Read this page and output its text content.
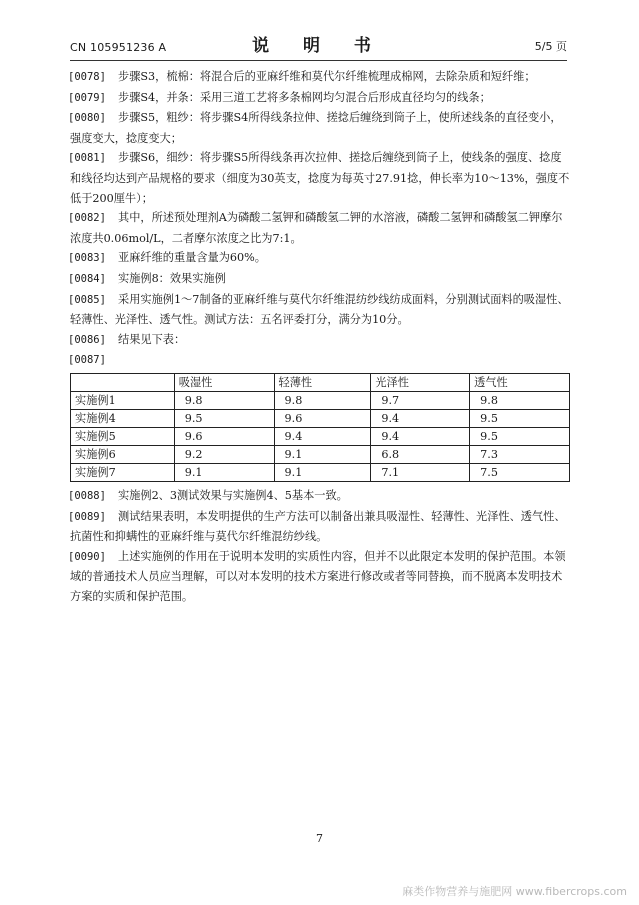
CN 105951236 A	说 明 书	5/5 页

[0078] 步骤S3，梳棉：将混合后的亚麻纤维和莫代尔纤维梳理成棉网，去除杂质和短纤维；

[0079] 步骤S4，并条：采用三道工艺将多条棉网均匀混合后形成直径均匀的线条；

[0080] 步骤S5，粗纱：将步骤S4所得线条拉伸、搓捻后缠绕到筒子上，使所述线条的直径变小，强度变大，捻度变大；

[0081] 步骤S6，细纱：将步骤S5所得线条再次拉伸、搓捻后缠绕到筒子上，使线条的强度、捻度和线径均达到产品规格的要求（细度为30英支，捻度为每英寸27.91捻，伸长率为10～13%，强度不低于200厘牛）；

[0082] 其中，所述预处理剂A为磷酸二氢钾和磷酸氢二钾的水溶液，磷酸二氢钾和磷酸氢二钾摩尔浓度共0.06mol/L，二者摩尔浓度之比为7:1。

[0083] 亚麻纤维的重量含量为60%。

[0084] 实施例8：效果实施例

[0085] 采用实施例1～7制备的亚麻纤维与莫代尔纤维混纺纱线纺成面料，分别测试面料的吸湿性、轻薄性、光泽性、透气性。测试方法：五名评委打分，满分为10分。

[0086] 结果见下表：

[0087]

	吸湿性	轻薄性	光泽性	透气性
实施例1	9.8	9.8	9.7	9.8
实施例4	9.5	9.6	9.4	9.5
实施例5	9.6	9.4	9.4	9.5
实施例6	9.2	9.1	6.8	7.3
实施例7	9.1	9.1	7.1	7.5

[0088] 实施例2、3测试效果与实施例4、5基本一致。

[0089] 测试结果表明，本发明提供的生产方法可以制备出兼具吸湿性、轻薄性、光泽性、透气性、抗菌性和抑螨性的亚麻纤维与莫代尔纤维混纺纱线。

[0090] 上述实施例的作用在于说明本发明的实质性内容，但并不以此限定本发明的保护范围。本领域的普通技术人员应当理解，可以对本发明的技术方案进行修改或者等同替换，而不脱离本发明技术方案的实质和保护范围。

7
麻类作物营养与施肥网 www.fibercrops.com
